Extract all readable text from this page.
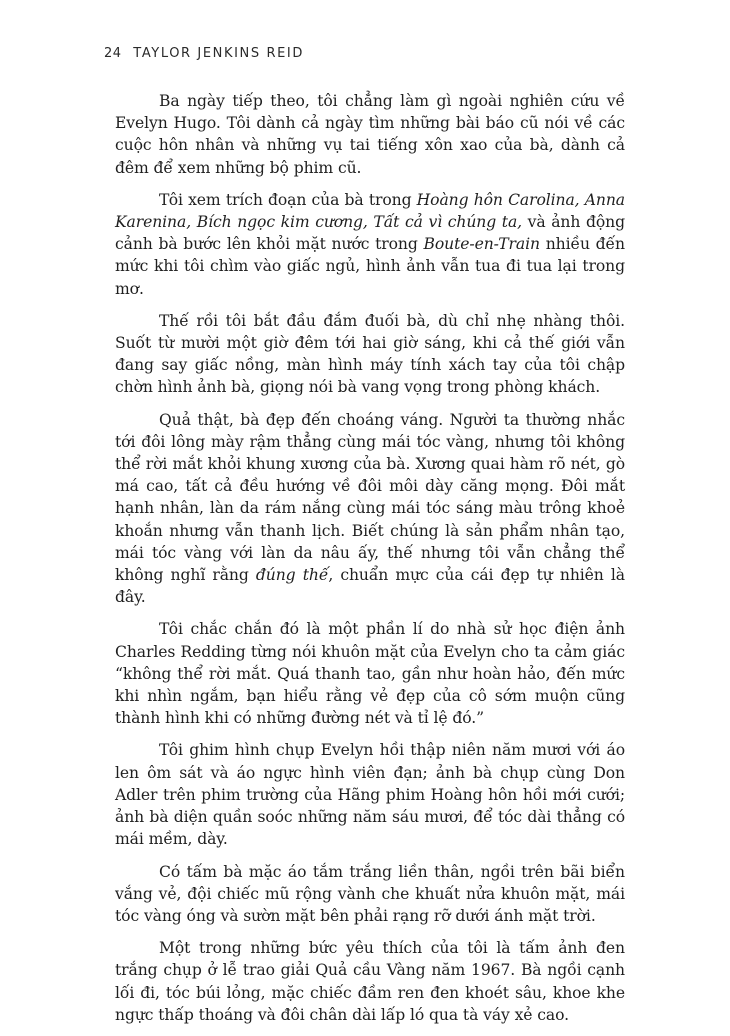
24 TAYLOR JENKINS REID

Ba ngày tiếp theo, tôi chẳng làm gì ngoài nghiên cứu về Evelyn Hugo. Tôi dành cả ngày tìm những bài báo cũ nói về các cuộc hôn nhân và những vụ tai tiếng xôn xao của bà, dành cả đêm để xem những bộ phim cũ.

Tôi xem trích đoạn của bà trong Hoàng hôn Carolina, Anna Karenina, Bích ngọc kim cương, Tất cả vì chúng ta, và ảnh động cảnh bà bước lên khỏi mặt nước trong Boute-en-Train nhiều đến mức khi tôi chìm vào giấc ngủ, hình ảnh vẫn tua đi tua lại trong mơ.

Thế rồi tôi bắt đầu đắm đuối bà, dù chỉ nhẹ nhàng thôi. Suốt từ mười một giờ đêm tới hai giờ sáng, khi cả thế giới vẫn đang say giấc nồng, màn hình máy tính xách tay của tôi chập chờn hình ảnh bà, giọng nói bà vang vọng trong phòng khách.

Quả thật, bà đẹp đến choáng váng. Người ta thường nhắc tới đôi lông mày rậm thẳng cùng mái tóc vàng, nhưng tôi không thể rời mắt khỏi khung xương của bà. Xương quai hàm rõ nét, gò má cao, tất cả đều hướng về đôi môi dày căng mọng. Đôi mắt hạnh nhân, làn da rám nắng cùng mái tóc sáng màu trông khoẻ khoắn nhưng vẫn thanh lịch. Biết chúng là sản phẩm nhân tạo, mái tóc vàng với làn da nâu ấy, thế nhưng tôi vẫn chẳng thể không nghĩ rằng đúng thế, chuẩn mực của cái đẹp tự nhiên là đây.

Tôi chắc chắn đó là một phần lí do nhà sử học điện ảnh Charles Redding từng nói khuôn mặt của Evelyn cho ta cảm giác “không thể rời mắt. Quá thanh tao, gần như hoàn hảo, đến mức khi nhìn ngắm, bạn hiểu rằng vẻ đẹp của cô sớm muộn cũng thành hình khi có những đường nét và tỉ lệ đó.”

Tôi ghim hình chụp Evelyn hồi thập niên năm mươi với áo len ôm sát và áo ngực hình viên đạn; ảnh bà chụp cùng Don Adler trên phim trường của Hãng phim Hoàng hôn hồi mới cưới; ảnh bà diện quần soóc những năm sáu mươi, để tóc dài thẳng có mái mềm, dày.

Có tấm bà mặc áo tắm trắng liền thân, ngồi trên bãi biển vắng vẻ, đội chiếc mũ rộng vành che khuất nửa khuôn mặt, mái tóc vàng óng và sườn mặt bên phải rạng rỡ dưới ánh mặt trời.

Một trong những bức yêu thích của tôi là tấm ảnh đen trắng chụp ở lễ trao giải Quả cầu Vàng năm 1967. Bà ngồi cạnh lối đi, tóc búi lỏng, mặc chiếc đầm ren đen khoét sâu, khoe khe ngực thấp thoáng và đôi chân dài lấp ló qua tà váy xẻ cao.
